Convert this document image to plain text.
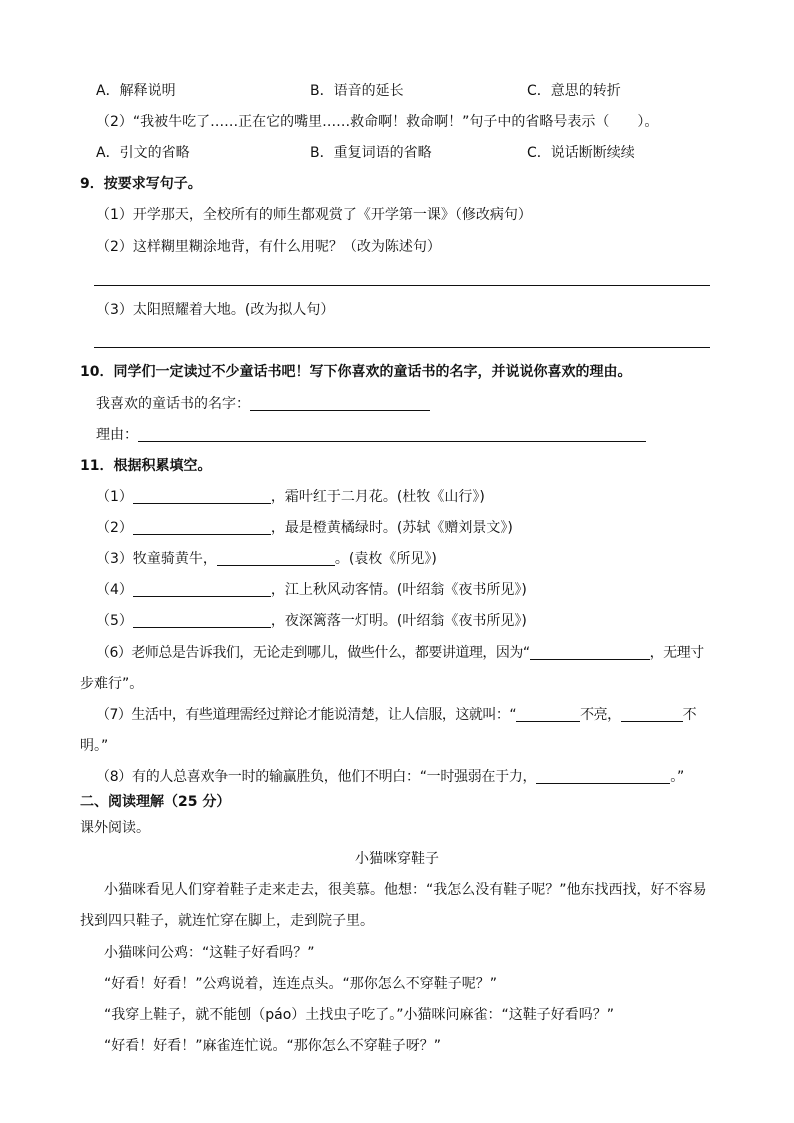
A．解释说明	B．语音的延长	C．意思的转折
（2）“我被牛吃了……正在它的嘴里……救命啊！救命啊！”句子中的省略号表示（　　）。
A．引文的省略	B．重复词语的省略	C．说话断断续续
9．按要求写句子。
（1）开学那天，全校所有的师生都观赏了《开学第一课》（修改病句）
（2）这样糊里糊涂地背，有什么用呢？（改为陈述句）
（3）太阳照耀着大地。(改为拟人句）
10．同学们一定读过不少童话书吧！写下你喜欢的童话书的名字，并说说你喜欢的理由。
我喜欢的童话书的名字：
理由：
11．根据积累填空。
（1）	，霜叶红于二月花。(杜牧《山行》)
（2）	，最是橙黄橘绿时。(苏轼《赠刘景文》)
（3）牧童骑黄牛，	。(袁枚《所见》)
（4）	，江上秋风动客情。(叶绍翁《夜书所见》)
（5）	，夜深篱落一灯明。(叶绍翁《夜书所见》)
（6）老师总是告诉我们，无论走到哪儿，做些什么，都要讲道理，因为“	，无理寸
步难行”。
（7）生活中，有些道理需经过辩论才能说清楚，让人信服，这就叫：“	不亮，	不
明。”
（8）有的人总喜欢争一时的输赢胜负，他们不明白：“一时强弱在于力，	。”
二、阅读理解（25 分）
课外阅读。
小猫咪穿鞋子
小猫咪看见人们穿着鞋子走来走去，很美慕。他想：“我怎么没有鞋子呢？”他东找西找，好不容易
找到四只鞋子，就连忙穿在脚上，走到院子里。
小猫咪问公鸡：“这鞋子好看吗？”
“好看！好看！”公鸡说着，连连点头。“那你怎么不穿鞋子呢？”
“我穿上鞋子，就不能刨（páo）土找虫子吃了。”小猫咪问麻雀：“这鞋子好看吗？”
“好看！好看！”麻雀连忙说。“那你怎么不穿鞋子呀？”
